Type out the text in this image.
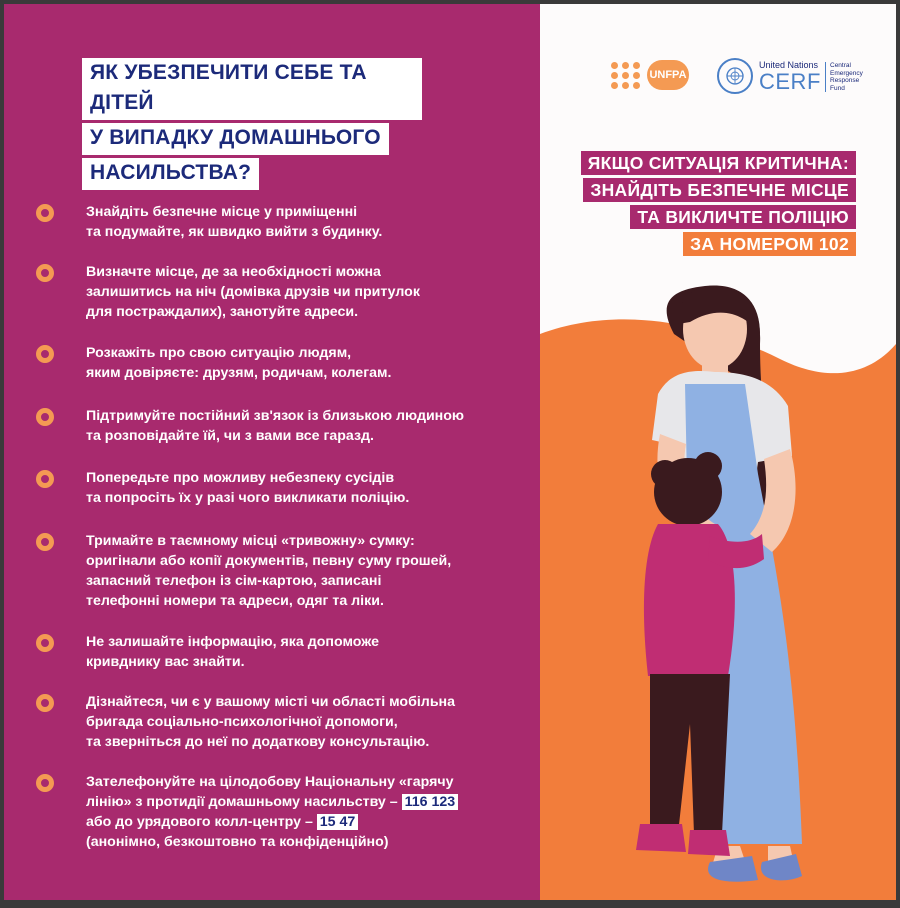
ЯК УБЕЗПЕЧИТИ СЕБЕ ТА ДІТЕЙ
У ВИПАДКУ ДОМАШНЬОГО
НАСИЛЬСТВА?
Знайдіть безпечне місце у приміщенні
та подумайте, як швидко вийти з будинку.
Визначте місце, де за необхідності можна
залишитись на ніч (домівка друзів чи притулок
для постраждалих), занотуйте адреси.
Розкажіть про свою ситуацію людям,
яким довіряєте: друзям, родичам, колегам.
Підтримуйте постійний зв'язок із близькою людиною
та розповідайте їй, чи з вами все гаразд.
Попередьте про можливу небезпеку сусідів
та попросіть їх у разі чого викликати поліцію.
Тримайте в таємному місці «тривожну» сумку:
оригінали або копії документів, певну суму грошей,
запасний телефон із сім-картою, записані
телефонні номери та адреси, одяг та ліки.
Не залишайте інформацію, яка допоможе
кривднику вас знайти.
Дізнайтеся, чи є у вашому місті чи області мобільна
бригада соціально-психологічної допомоги,
та зверніться до неї по додаткову консультацію.
Зателефонуйте на цілодобову Національну «гарячу
лінію» з протидії домашньому насильству – 116 123
або до урядового колл-центру – 15 47
(анонімно, безкоштовно та конфіденційно)
UNFPA
United Nations
CERF
Central
Emergency
Response
Fund
ЯКЩО СИТУАЦІЯ КРИТИЧНА:
ЗНАЙДІТЬ БЕЗПЕЧНЕ МІСЦЕ
ТА ВИКЛИЧТЕ ПОЛІЦІЮ
ЗА НОМЕРОМ 102
